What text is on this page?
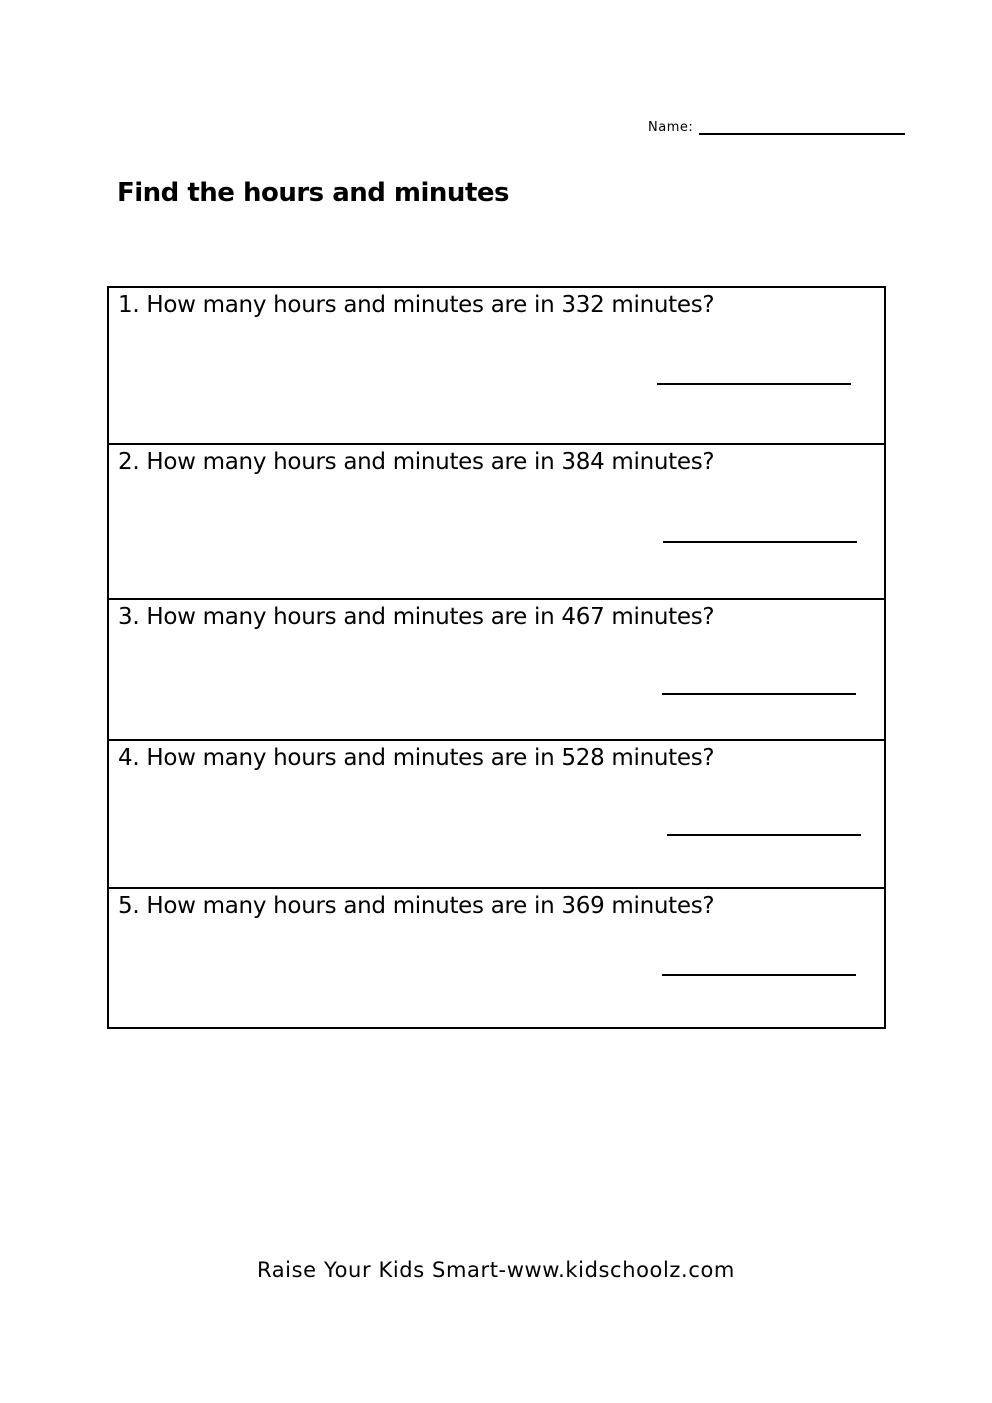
Name:
Find the hours and minutes
1. How many hours and minutes are in 332 minutes?
2. How many hours and minutes are in 384 minutes?
3. How many hours and minutes are in 467 minutes?
4. How many hours and minutes are in 528 minutes?
5. How many hours and minutes are in 369 minutes?
Raise Your Kids Smart-www.kidschoolz.com
